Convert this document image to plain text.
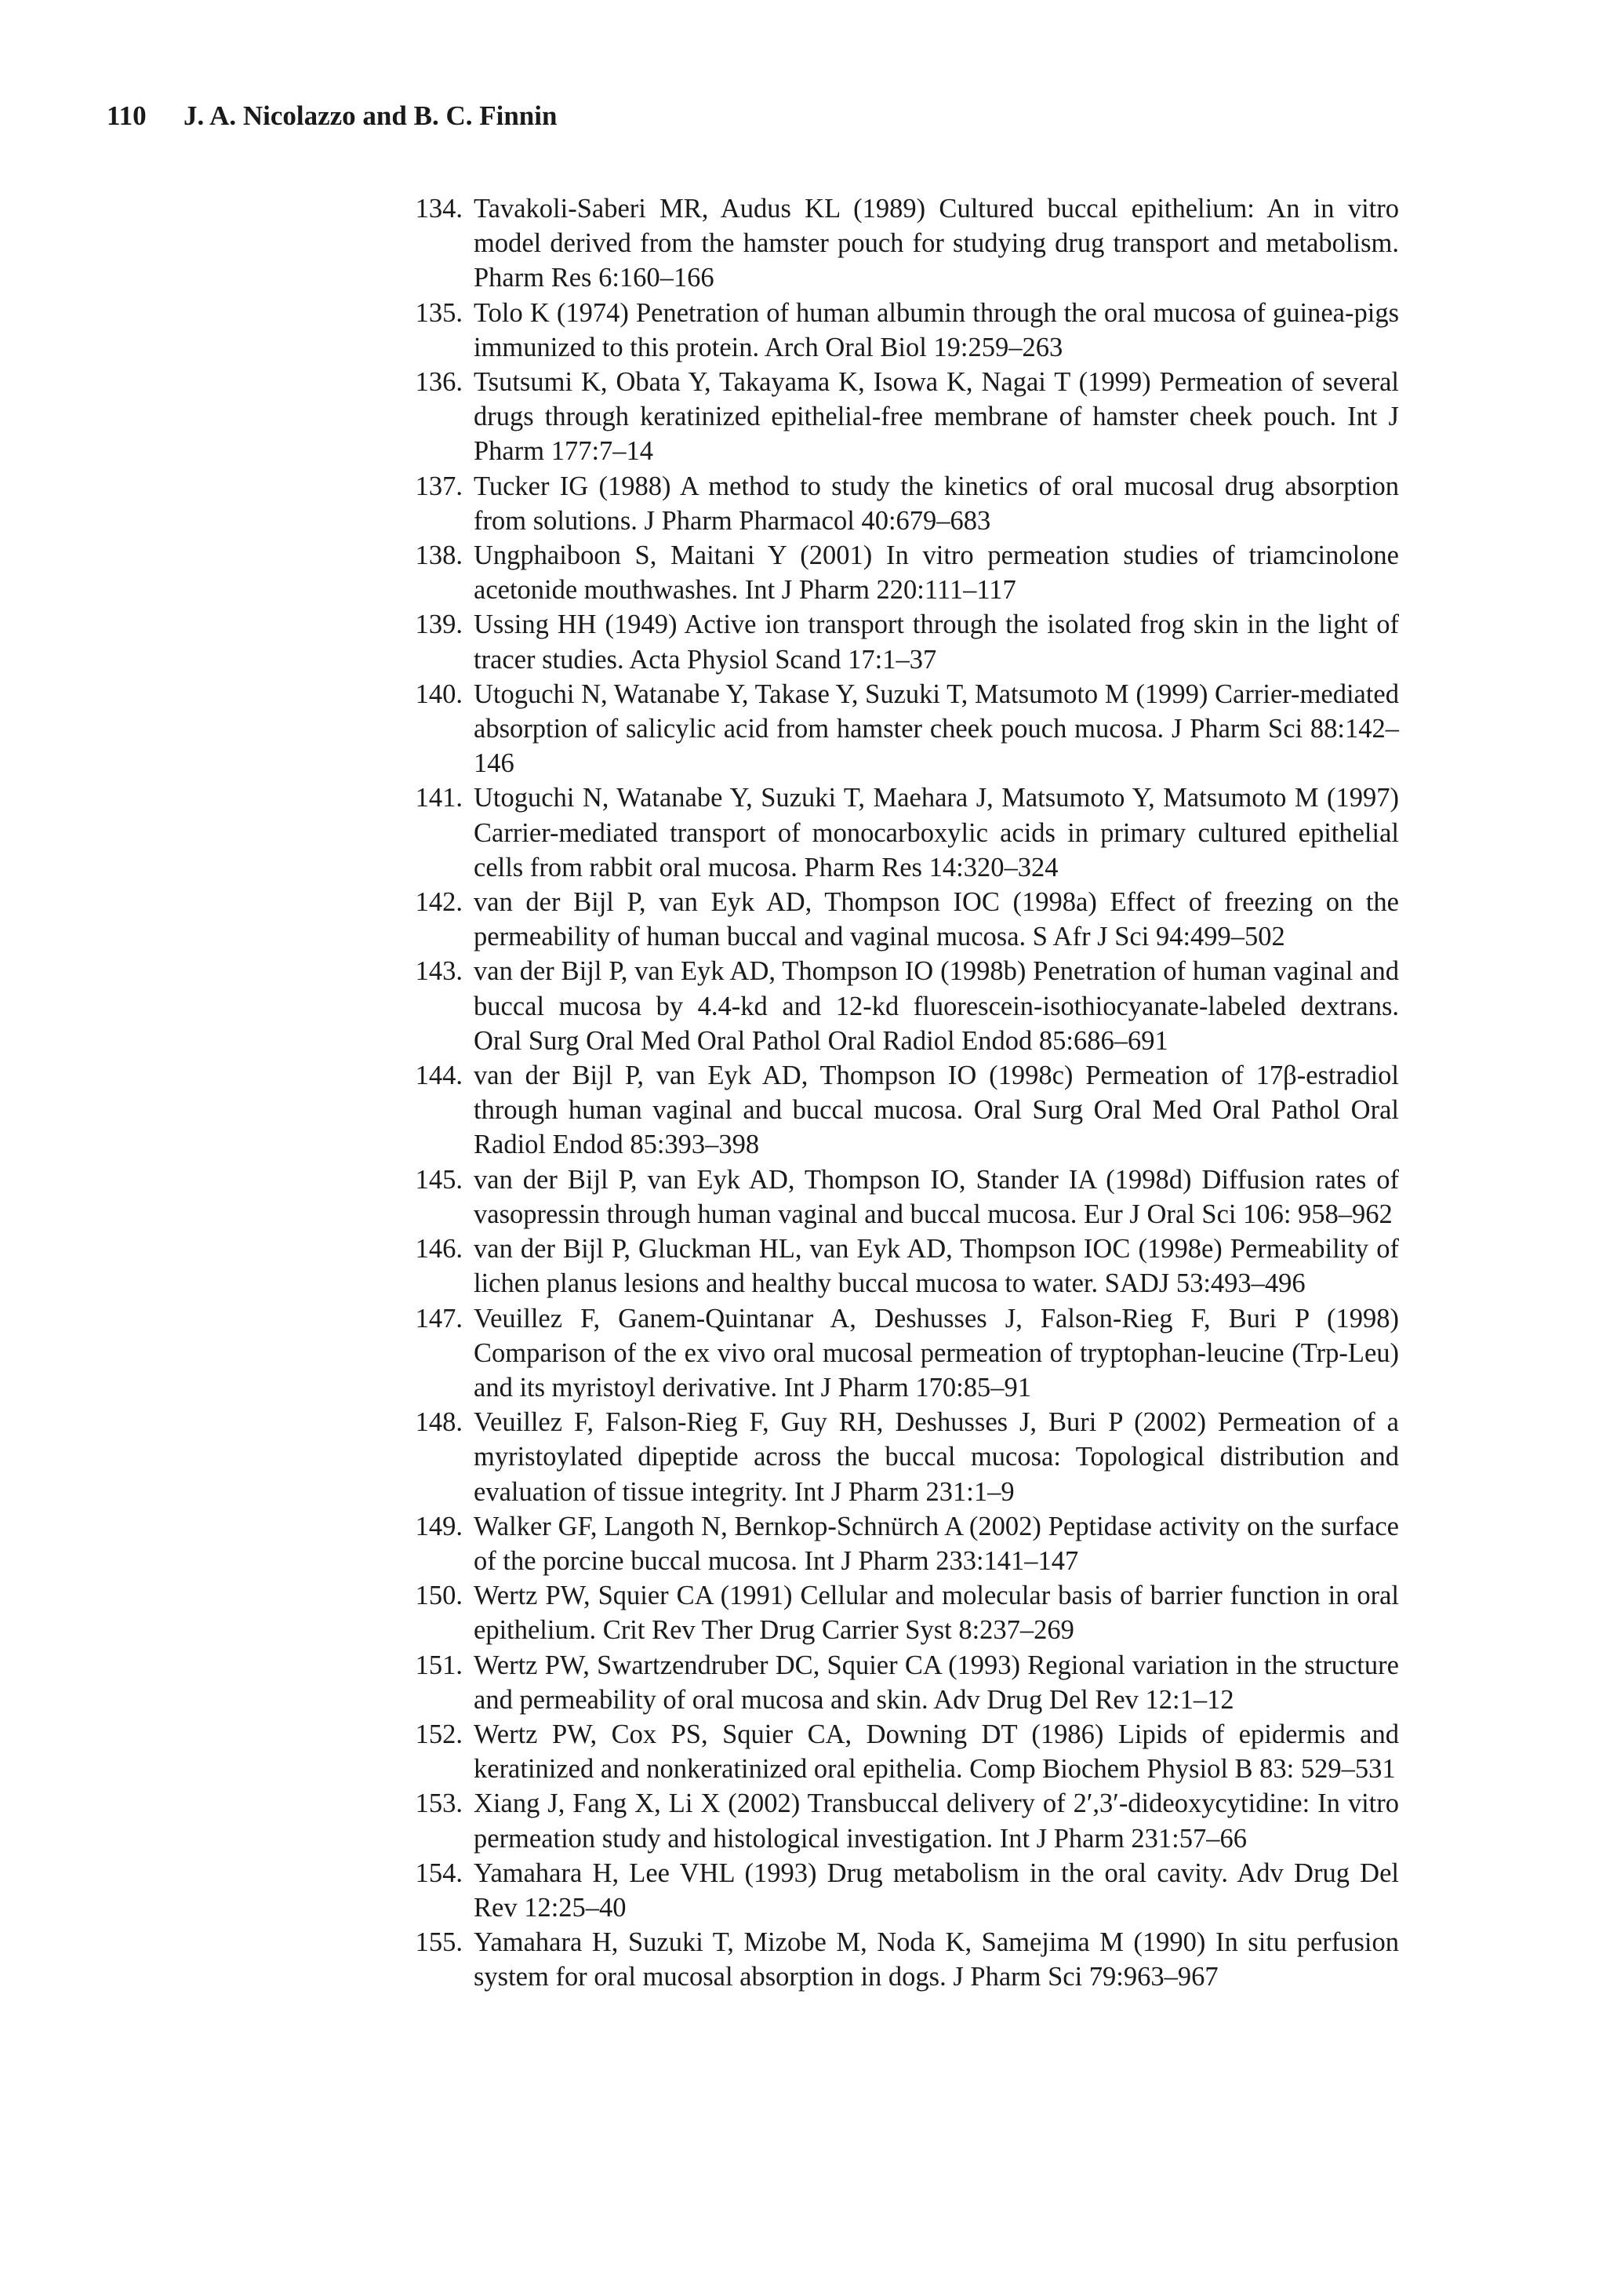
110 J. A. Nicolazzo and B. C. Finnin
134. Tavakoli-Saberi MR, Audus KL (1989) Cultured buccal epithelium: An in vitro model derived from the hamster pouch for studying drug transport and metabolism. Pharm Res 6:160–166
135. Tolo K (1974) Penetration of human albumin through the oral mucosa of guinea-pigs immunized to this protein. Arch Oral Biol 19:259–263
136. Tsutsumi K, Obata Y, Takayama K, Isowa K, Nagai T (1999) Permeation of several drugs through keratinized epithelial-free membrane of hamster cheek pouch. Int J Pharm 177:7–14
137. Tucker IG (1988) A method to study the kinetics of oral mucosal drug absorption from solutions. J Pharm Pharmacol 40:679–683
138. Ungphaiboon S, Maitani Y (2001) In vitro permeation studies of triamcinolone acetonide mouthwashes. Int J Pharm 220:111–117
139. Ussing HH (1949) Active ion transport through the isolated frog skin in the light of tracer studies. Acta Physiol Scand 17:1–37
140. Utoguchi N, Watanabe Y, Takase Y, Suzuki T, Matsumoto M (1999) Carrier-mediated absorption of salicylic acid from hamster cheek pouch mucosa. J Pharm Sci 88:142–146
141. Utoguchi N, Watanabe Y, Suzuki T, Maehara J, Matsumoto Y, Matsumoto M (1997) Carrier-mediated transport of monocarboxylic acids in primary cultured epithelial cells from rabbit oral mucosa. Pharm Res 14:320–324
142. van der Bijl P, van Eyk AD, Thompson IOC (1998a) Effect of freezing on the permeability of human buccal and vaginal mucosa. S Afr J Sci 94:499–502
143. van der Bijl P, van Eyk AD, Thompson IO (1998b) Penetration of human vaginal and buccal mucosa by 4.4-kd and 12-kd fluorescein-isothiocyanate-labeled dextrans. Oral Surg Oral Med Oral Pathol Oral Radiol Endod 85:686–691
144. van der Bijl P, van Eyk AD, Thompson IO (1998c) Permeation of 17β-estradiol through human vaginal and buccal mucosa. Oral Surg Oral Med Oral Pathol Oral Radiol Endod 85:393–398
145. van der Bijl P, van Eyk AD, Thompson IO, Stander IA (1998d) Diffusion rates of vasopressin through human vaginal and buccal mucosa. Eur J Oral Sci 106: 958–962
146. van der Bijl P, Gluckman HL, van Eyk AD, Thompson IOC (1998e) Permeability of lichen planus lesions and healthy buccal mucosa to water. SADJ 53:493–496
147. Veuillez F, Ganem-Quintanar A, Deshusses J, Falson-Rieg F, Buri P (1998) Comparison of the ex vivo oral mucosal permeation of tryptophan-leucine (Trp-Leu) and its myristoyl derivative. Int J Pharm 170:85–91
148. Veuillez F, Falson-Rieg F, Guy RH, Deshusses J, Buri P (2002) Permeation of a myristoylated dipeptide across the buccal mucosa: Topological distribution and evaluation of tissue integrity. Int J Pharm 231:1–9
149. Walker GF, Langoth N, Bernkop-Schnürch A (2002) Peptidase activity on the surface of the porcine buccal mucosa. Int J Pharm 233:141–147
150. Wertz PW, Squier CA (1991) Cellular and molecular basis of barrier function in oral epithelium. Crit Rev Ther Drug Carrier Syst 8:237–269
151. Wertz PW, Swartzendruber DC, Squier CA (1993) Regional variation in the structure and permeability of oral mucosa and skin. Adv Drug Del Rev 12:1–12
152. Wertz PW, Cox PS, Squier CA, Downing DT (1986) Lipids of epidermis and keratinized and nonkeratinized oral epithelia. Comp Biochem Physiol B 83: 529–531
153. Xiang J, Fang X, Li X (2002) Transbuccal delivery of 2′,3′-dideoxycytidine: In vitro permeation study and histological investigation. Int J Pharm 231:57–66
154. Yamahara H, Lee VHL (1993) Drug metabolism in the oral cavity. Adv Drug Del Rev 12:25–40
155. Yamahara H, Suzuki T, Mizobe M, Noda K, Samejima M (1990) In situ perfusion system for oral mucosal absorption in dogs. J Pharm Sci 79:963–967
